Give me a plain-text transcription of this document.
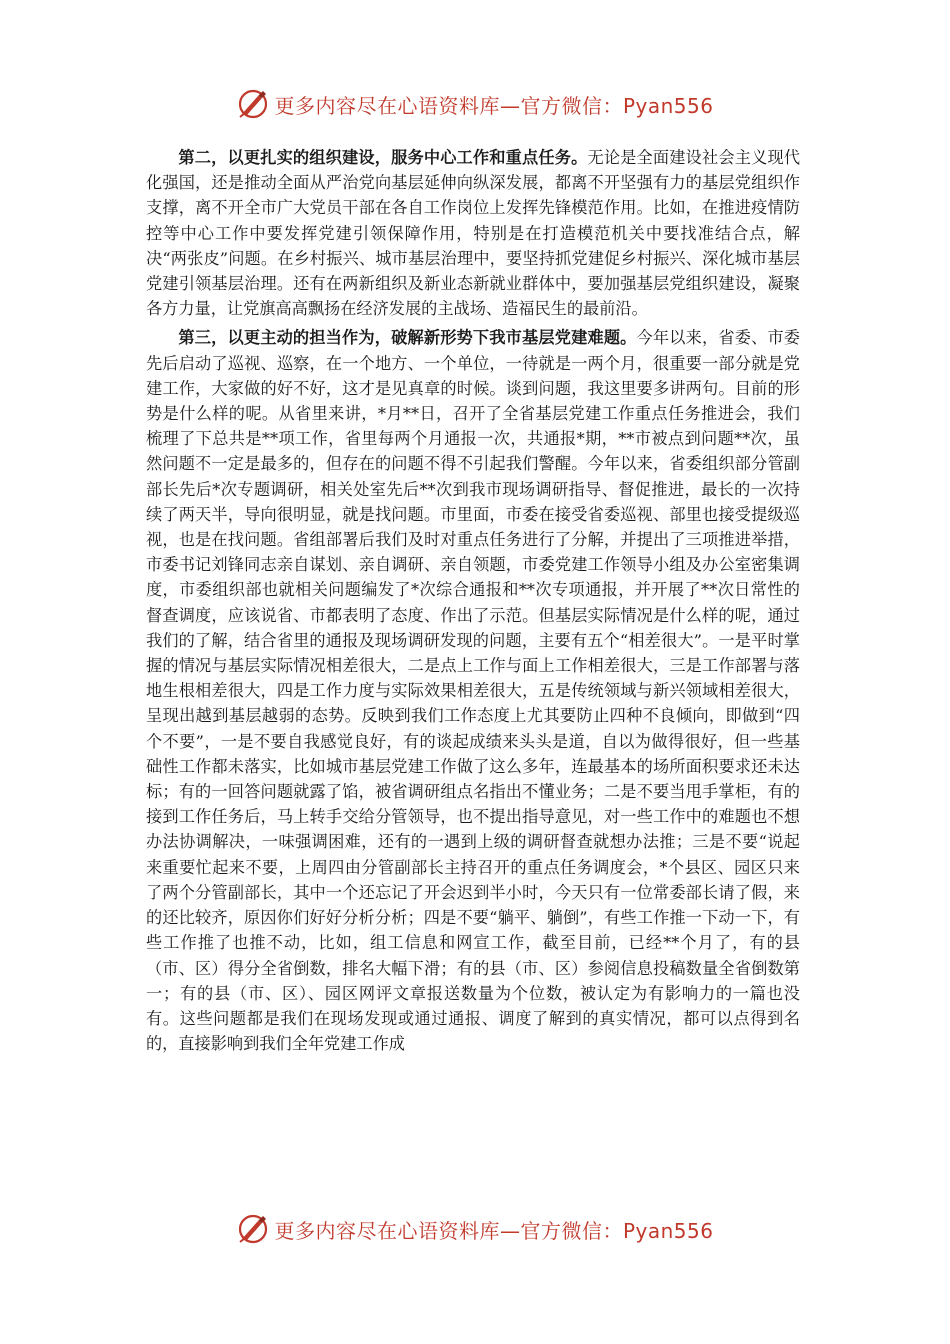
更多内容尽在心语资料库—官方微信：Pyan556

第二，以更扎实的组织建设，服务中心工作和重点任务。无论是全面建设社会主义现代化强国，还是推动全面从严治党向基层延伸向纵深发展，都离不开坚强有力的基层党组织作支撑，离不开全市广大党员干部在各自工作岗位上发挥先锋模范作用。比如，在推进疫情防控等中心工作中要发挥党建引领保障作用，特别是在打造模范机关中要找准结合点，解决“两张皮”问题。在乡村振兴、城市基层治理中，要坚持抓党建促乡村振兴、深化城市基层党建引领基层治理。还有在两新组织及新业态新就业群体中，要加强基层党组织建设，凝聚各方力量，让党旗高高飘扬在经济发展的主战场、造福民生的最前沿。

第三，以更主动的担当作为，破解新形势下我市基层党建难题。今年以来，省委、市委先后启动了巡视、巡察，在一个地方、一个单位，一待就是一两个月，很重要一部分就是党建工作，大家做的好不好，这才是见真章的时候。谈到问题，我这里要多讲两句。目前的形势是什么样的呢。从省里来讲，*月**日，召开了全省基层党建工作重点任务推进会，我们梳理了下总共是**项工作，省里每两个月通报一次，共通报*期，**市被点到问题**次，虽然问题不一定是最多的，但存在的问题不得不引起我们警醒。今年以来，省委组织部分管副部长先后*次专题调研，相关处室先后**次到我市现场调研指导、督促推进，最长的一次持续了两天半，导向很明显，就是找问题。市里面，市委在接受省委巡视、部里也接受提级巡视，也是在找问题。省组部署后我们及时对重点任务进行了分解，并提出了三项推进举措，市委书记刘锋同志亲自谋划、亲自调研、亲自领题，市委党建工作领导小组及办公室密集调度，市委组织部也就相关问题编发了*次综合通报和**次专项通报，并开展了**次日常性的督查调度，应该说省、市都表明了态度、作出了示范。但基层实际情况是什么样的呢，通过我们的了解，结合省里的通报及现场调研发现的问题，主要有五个“相差很大”。一是平时掌握的情况与基层实际情况相差很大，二是点上工作与面上工作相差很大，三是工作部署与落地生根相差很大，四是工作力度与实际效果相差很大，五是传统领域与新兴领域相差很大，呈现出越到基层越弱的态势。反映到我们工作态度上尤其要防止四种不良倾向，即做到“四个不要”，一是不要自我感觉良好，有的谈起成绩来头头是道，自以为做得很好，但一些基础性工作都未落实，比如城市基层党建工作做了这么多年，连最基本的场所面积要求还未达标；有的一回答问题就露了馅，被省调研组点名指出不懂业务；二是不要当甩手掌柜，有的接到工作任务后，马上转手交给分管领导，也不提出指导意见，对一些工作中的难题也不想办法协调解决，一味强调困难，还有的一遇到上级的调研督查就想办法推；三是不要“说起来重要忙起来不要，上周四由分管副部长主持召开的重点任务调度会，*个县区、园区只来了两个分管副部长，其中一个还忘记了开会迟到半小时，今天只有一位常委部长请了假，来的还比较齐，原因你们好好分析分析；四是不要“躺平、躺倒”，有些工作推一下动一下，有些工作推了也推不动，比如，组工信息和网宣工作，截至目前，已经**个月了，有的县（市、区）得分全省倒数，排名大幅下滑；有的县（市、区）参阅信息投稿数量全省倒数第一；有的县（市、区）、园区网评文章报送数量为个位数，被认定为有影响力的一篇也没有。这些问题都是我们在现场发现或通过通报、调度了解到的真实情况，都可以点得到名的，直接影响到我们全年党建工作成

更多内容尽在心语资料库—官方微信：Pyan556
